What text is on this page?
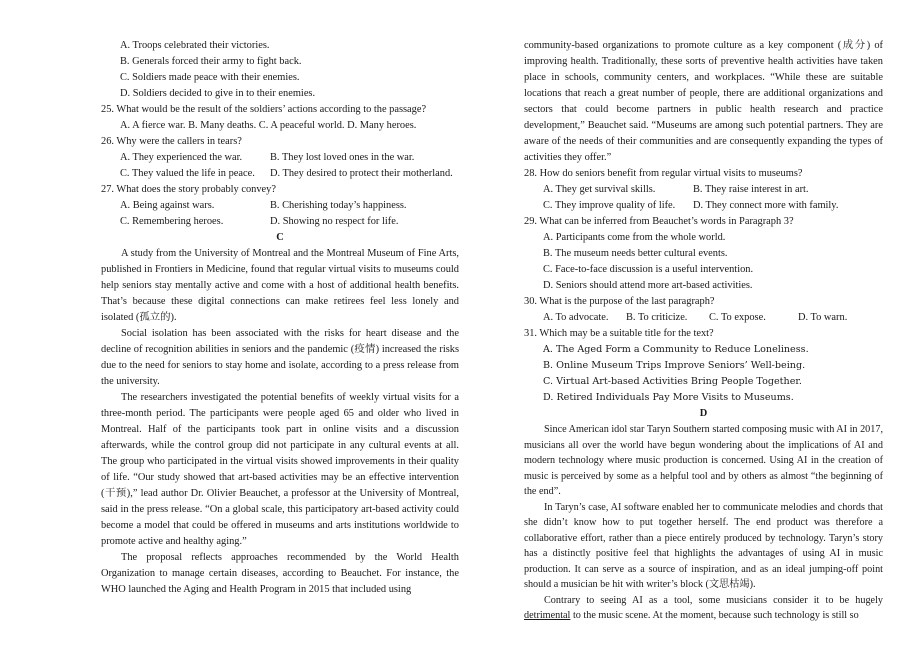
A. Troops celebrated their victories.
B. Generals forced their army to fight back.
C. Soldiers made peace with their enemies.
D. Soldiers decided to give in to their enemies.
25. What would be the result of the soldiers’ actions according to the passage?
A. A fierce war. B. Many deaths. C. A peaceful world. D. Many heroes.
26. Why were the callers in tears?
A. They experienced the war.	B. They lost loved ones in the war.
C. They valued the life in peace.	D. They desired to protect their motherland.
27. What does the story probably convey?
A. Being against wars.	B. Cherishing today’s happiness.
C. Remembering heroes.	D. Showing no respect for life.
C

A study from the University of Montreal and the Montreal Museum of Fine Arts, published in Frontiers in Medicine, found that regular virtual visits to museums could help seniors stay mentally active and come with a host of additional health benefits. That’s because these digital connections can make retirees feel less lonely and isolated (孤立的).

Social isolation has been associated with the risks for heart disease and the decline of recognition abilities in seniors and the pandemic (疫情) increased the risks due to the need for seniors to stay home and isolate, according to a press release from the university.

The researchers investigated the potential benefits of weekly virtual visits for a three-month period. The participants were people aged 65 and older who lived in Montreal. Half of the participants took part in online visits and a discussion afterwards, while the control group did not participate in any cultural events at all. The group who participated in the virtual visits showed improvements in their quality of life. “Our study showed that art-based activities may be an effective intervention (干预),” lead author Dr. Olivier Beauchet, a professor at the University of Montreal, said in the press release. “On a global scale, this participatory art-based activity could become a model that could be offered in museums and arts institutions worldwide to promote active and healthy aging.”

The proposal reflects approaches recommended by the World Health Organization to manage certain diseases, according to Beauchet. For instance, the WHO launched the Aging and Health Program in 2015 that included using

community-based organizations to promote culture as a key component (成分) of improving health. Traditionally, these sorts of preventive health activities have taken place in schools, community centers, and workplaces. “While these are suitable locations that reach a great number of people, there are additional organizations and sectors that could become partners in public health research and practice development,” Beauchet said. “Museums are among such potential partners. They are aware of the needs of their communities and are consequently expanding the types of activities they offer.”

28. How do seniors benefit from regular virtual visits to museums?
A. They get survival skills.	B. They raise interest in art.
C. They improve quality of life.	D. They connect more with family.
29. What can be inferred from Beauchet’s words in Paragraph 3?
A. Participants come from the whole world.
B. The museum needs better cultural events.
C. Face-to-face discussion is a useful intervention.
D. Seniors should attend more art-based activities.
30. What is the purpose of the last paragraph?
A. To advocate.	B. To criticize.	C. To expose.	D. To warn.
31. Which may be a suitable title for the text?
A. The Aged Form a Community to Reduce Loneliness.
B. Online Museum Trips Improve Seniors’ Well-being.
C. Virtual Art-based Activities Bring People Together.
D. Retired Individuals Pay More Visits to Museums.
D

Since American idol star Taryn Southern started composing music with AI in 2017, musicians all over the world have begun wondering about the implications of AI and modern technology where music production is concerned. Using AI in the creation of music is perceived by some as a helpful tool and by others as almost “the beginning of the end”.

In Taryn’s case, AI software enabled her to communicate melodies and chords that she didn’t know how to put together herself. The end product was therefore a collaborative effort, rather than a piece entirely produced by technology. Taryn’s story has a distinctly positive feel that highlights the advantages of using AI in music production. It can serve as a source of inspiration, and as an ideal jumping-off point should a musician be hit with writer’s block (文思枯竭).

Contrary to seeing AI as a tool, some musicians consider it to be hugely detrimental to the music scene. At the moment, because such technology is still so
